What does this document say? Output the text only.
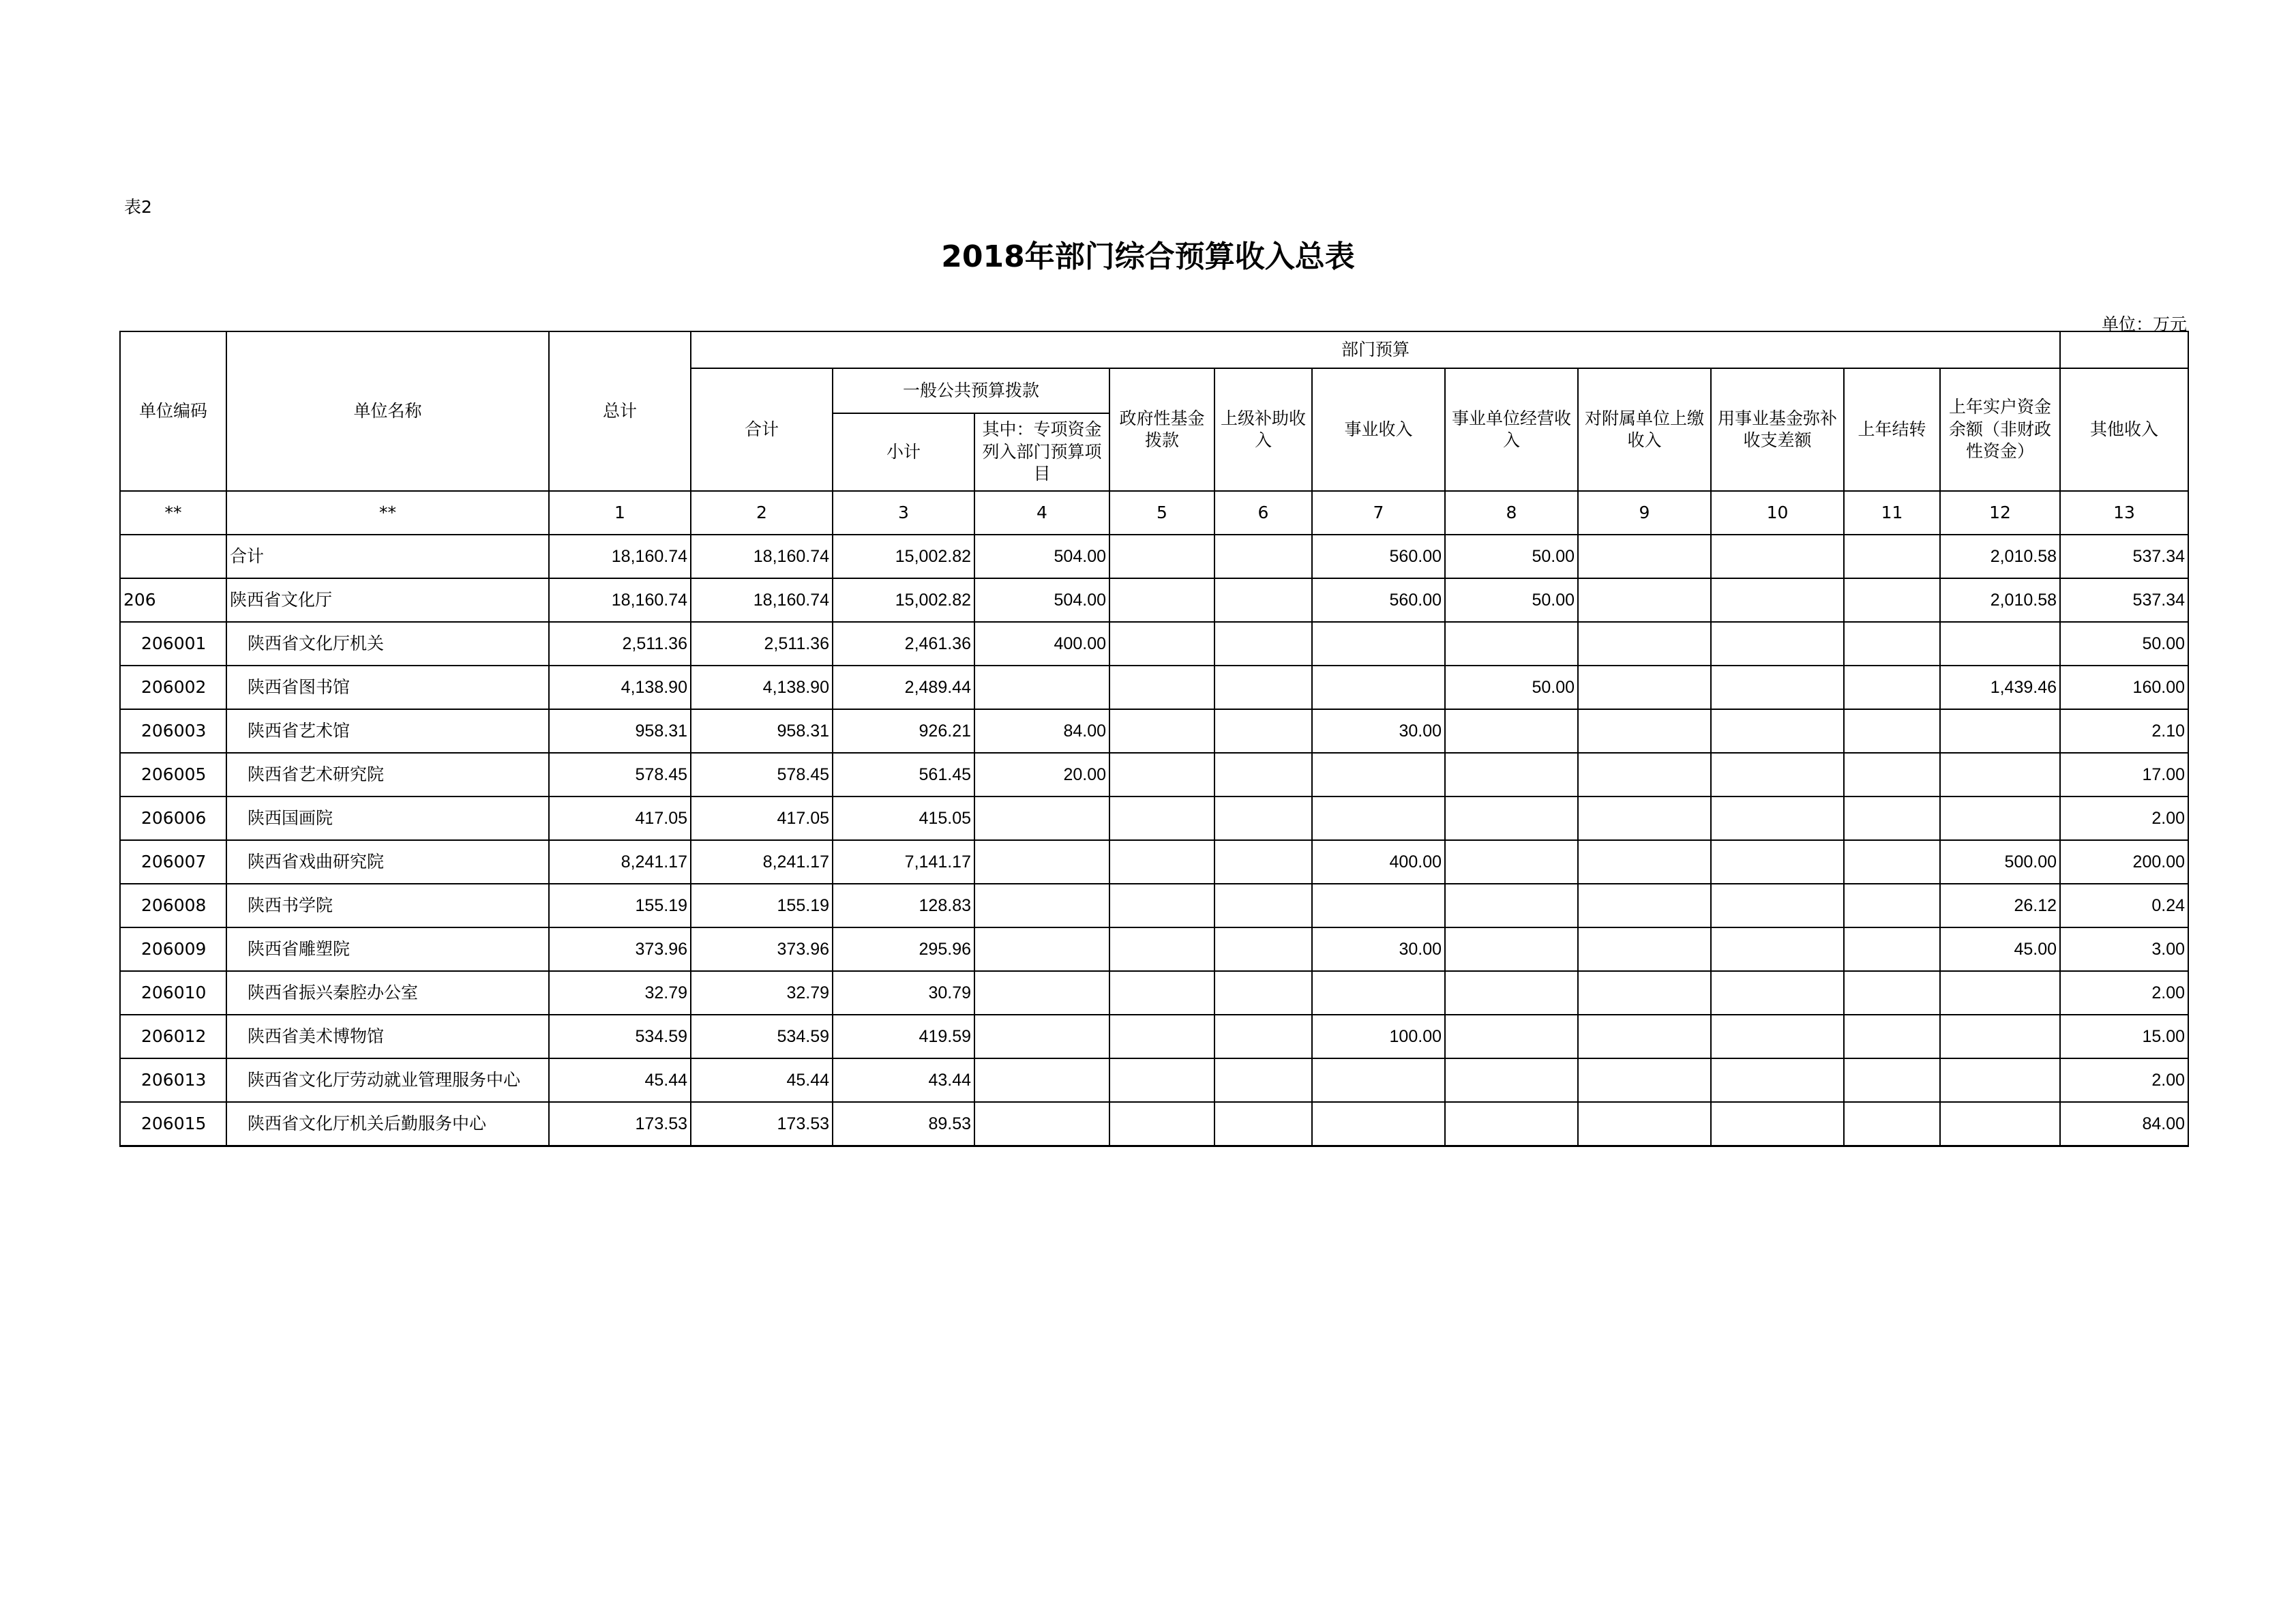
表2
2018年部门综合预算收入总表
单位：万元
单位编码	单位名称	总计	部门预算											
			合计	一般公共预算拨款		政府性基金拨款	上级补助收入	事业收入	事业单位经营收入	对附属单位上缴收入	用事业基金弥补收支差额	上年结转	上年实户资金余额（非财政性资金）	其他收入
				小计	其中：专项资金列入部门预算项目									
**	**	1	2	3	4	5	6	7	8	9	10	11	12	13
	合计	18,160.74	18,160.74	15,002.82	504.00			560.00	50.00				2,010.58	537.34
206	陕西省文化厅	18,160.74	18,160.74	15,002.82	504.00			560.00	50.00				2,010.58	537.34
206001	陕西省文化厅机关	2,511.36	2,511.36	2,461.36	400.00									50.00
206002	陕西省图书馆	4,138.90	4,138.90	2,489.44					50.00				1,439.46	160.00
206003	陕西省艺术馆	958.31	958.31	926.21	84.00			30.00						2.10
206005	陕西省艺术研究院	578.45	578.45	561.45	20.00									17.00
206006	陕西国画院	417.05	417.05	415.05										2.00
206007	陕西省戏曲研究院	8,241.17	8,241.17	7,141.17				400.00					500.00	200.00
206008	陕西书学院	155.19	155.19	128.83									26.12	0.24
206009	陕西省雕塑院	373.96	373.96	295.96				30.00					45.00	3.00
206010	陕西省振兴秦腔办公室	32.79	32.79	30.79										2.00
206012	陕西省美术博物馆	534.59	534.59	419.59				100.00						15.00
206013	陕西省文化厅劳动就业管理服务中心	45.44	45.44	43.44										2.00
206015	陕西省文化厅机关后勤服务中心	173.53	173.53	89.53										84.00
